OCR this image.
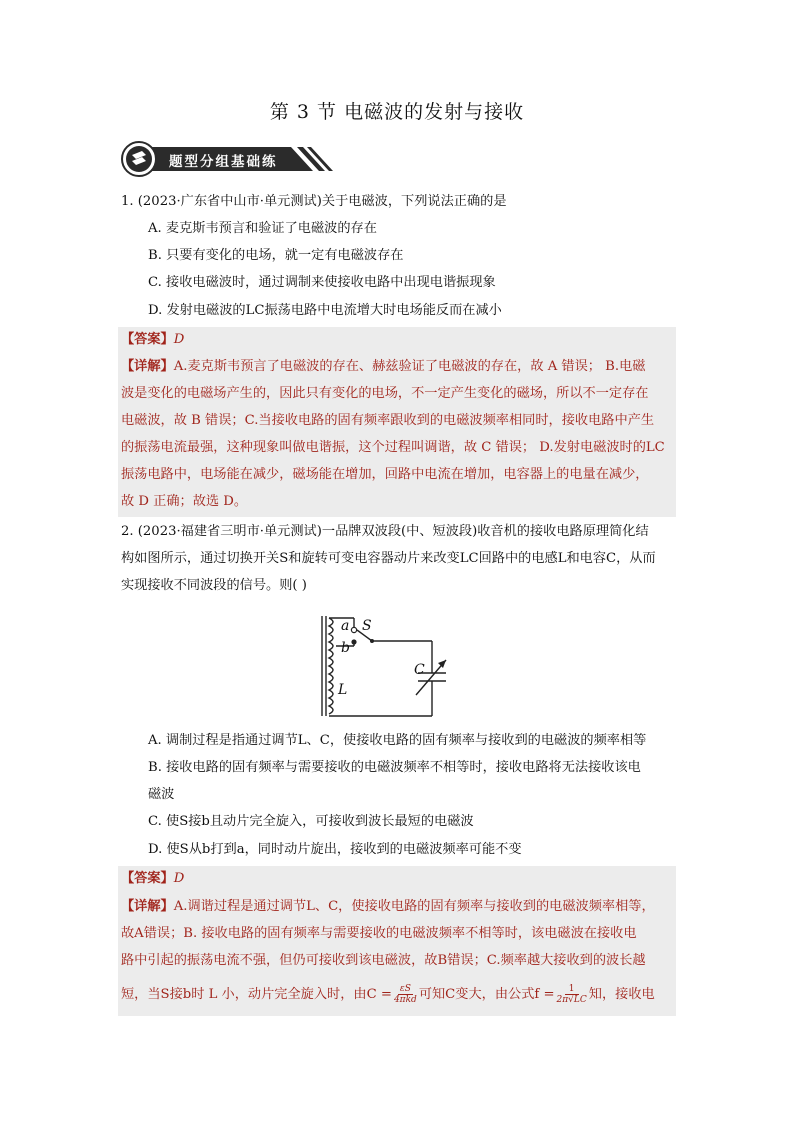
第 3 节 电磁波的发射与接收
题型分组基础练
1. (2023·广东省中山市·单元测试)关于电磁波，下列说法正确的是
A. 麦克斯韦预言和验证了电磁波的存在
B. 只要有变化的电场，就一定有电磁波存在
C. 接收电磁波时，通过调制来使接收电路中出现电谐振现象
D. 发射电磁波的LC振荡电路中电流增大时电场能反而在减小
【答案】D
【详解】A.麦克斯韦预言了电磁波的存在、赫兹验证了电磁波的存在，故 A 错误； B.电磁
波是变化的电磁场产生的，因此只有变化的电场，不一定产生变化的磁场，所以不一定存在
电磁波，故 B 错误；C.当接收电路的固有频率跟收到的电磁波频率相同时，接收电路中产生
的振荡电流最强，这种现象叫做电谐振，这个过程叫调谐，故 C 错误； D.发射电磁波时的LC
振荡电路中，电场能在减少，磁场能在增加，回路中电流在增加，电容器上的电量在减少，
故 D 正确；故选 D。
2. (2023·福建省三明市·单元测试)一品牌双波段(中、短波段)收音机的接收电路原理简化结
构如图所示，通过切换开关S和旋转可变电容器动片来改变LC回路中的电感L和电容C，从而
实现接收不同波段的信号。则( )
a S
b
C
L
A. 调制过程是指通过调节L、C，使接收电路的固有频率与接收到的电磁波的频率相等
B. 接收电路的固有频率与需要接收的电磁波频率不相等时，接收电路将无法接收该电
磁波
C. 使S接b且动片完全旋入，可接收到波长最短的电磁波
D. 使S从b打到a，同时动片旋出，接收到的电磁波频率可能不变
【答案】D
【详解】A.调谐过程是通过调节L、C，使接收电路的固有频率与接收到的电磁波频率相等，
故A错误；B. 接收电路的固有频率与需要接收的电磁波频率不相等时，该电磁波在接收电
路中引起的振荡电流不强，但仍可接收到该电磁波，故B错误；C.频率越大接收到的波长越
短，当S接b时 L 小，动片完全旋入时，由C = εS
4πkd 可知C变大，由公式$f = \frac{1}{2\pi√LC}$ 知，接收电
